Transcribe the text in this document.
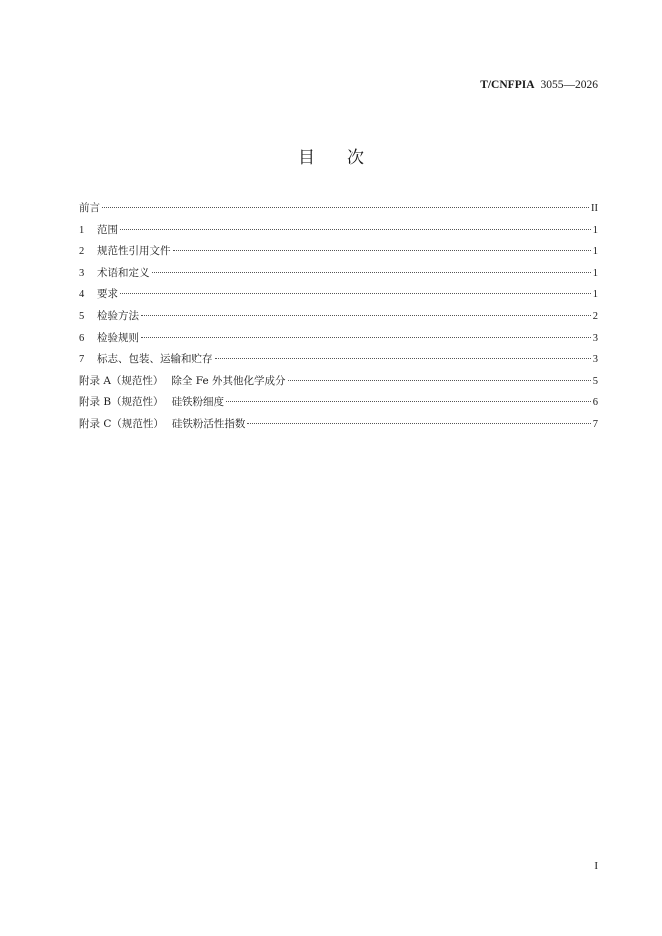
T/CNFPIA 3055—2026
目 次
前言	II
1	范围	1
2	规范性引用文件	1
3	术语和定义	1
4	要求	1
5	检验方法	2
6	检验规则	3
7	标志、包装、运输和贮存	3
附录 A（规范性） 除全 Fe 外其他化学成分	5
附录 B（规范性） 硅铁粉细度	6
附录 C（规范性） 硅铁粉活性指数	7
I
